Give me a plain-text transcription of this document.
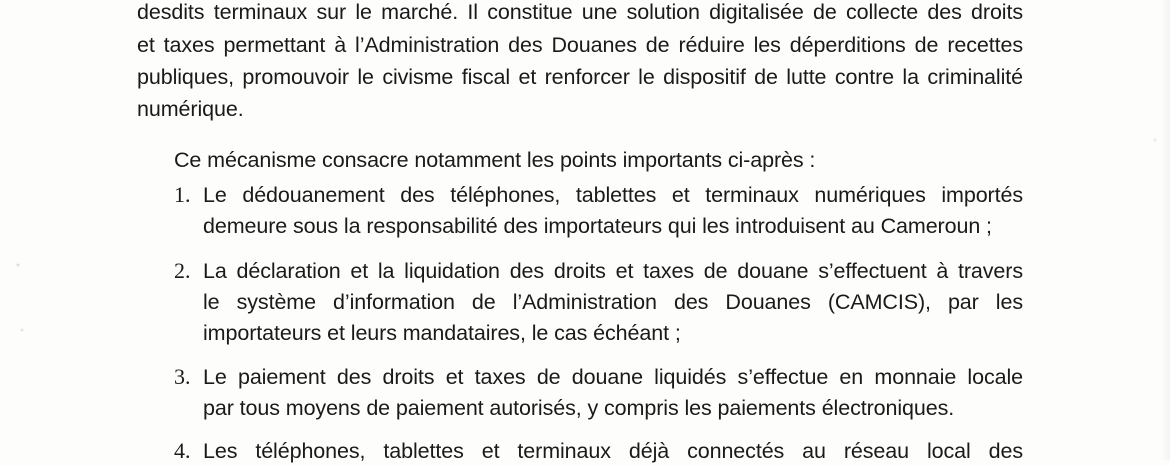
desdits terminaux sur le marché. Il constitue une solution digitalisée de collecte des droits
et taxes permettant à l’Administration des Douanes de réduire les déperditions de recettes
publiques, promouvoir le civisme fiscal et renforcer le dispositif de lutte contre la criminalité
numérique.
Ce mécanisme consacre notamment les points importants ci-après :
1. Le dédouanement des téléphones, tablettes et terminaux numériques importés
demeure sous la responsabilité des importateurs qui les introduisent au Cameroun ;
2. La déclaration et la liquidation des droits et taxes de douane s’effectuent à travers
le système d’information de l’Administration des Douanes (CAMCIS), par les
importateurs et leurs mandataires, le cas échéant ;
3. Le paiement des droits et taxes de douane liquidés s’effectue en monnaie locale
par tous moyens de paiement autorisés, y compris les paiements électroniques.
4. Les téléphones, tablettes et terminaux déjà connectés au réseau local des
